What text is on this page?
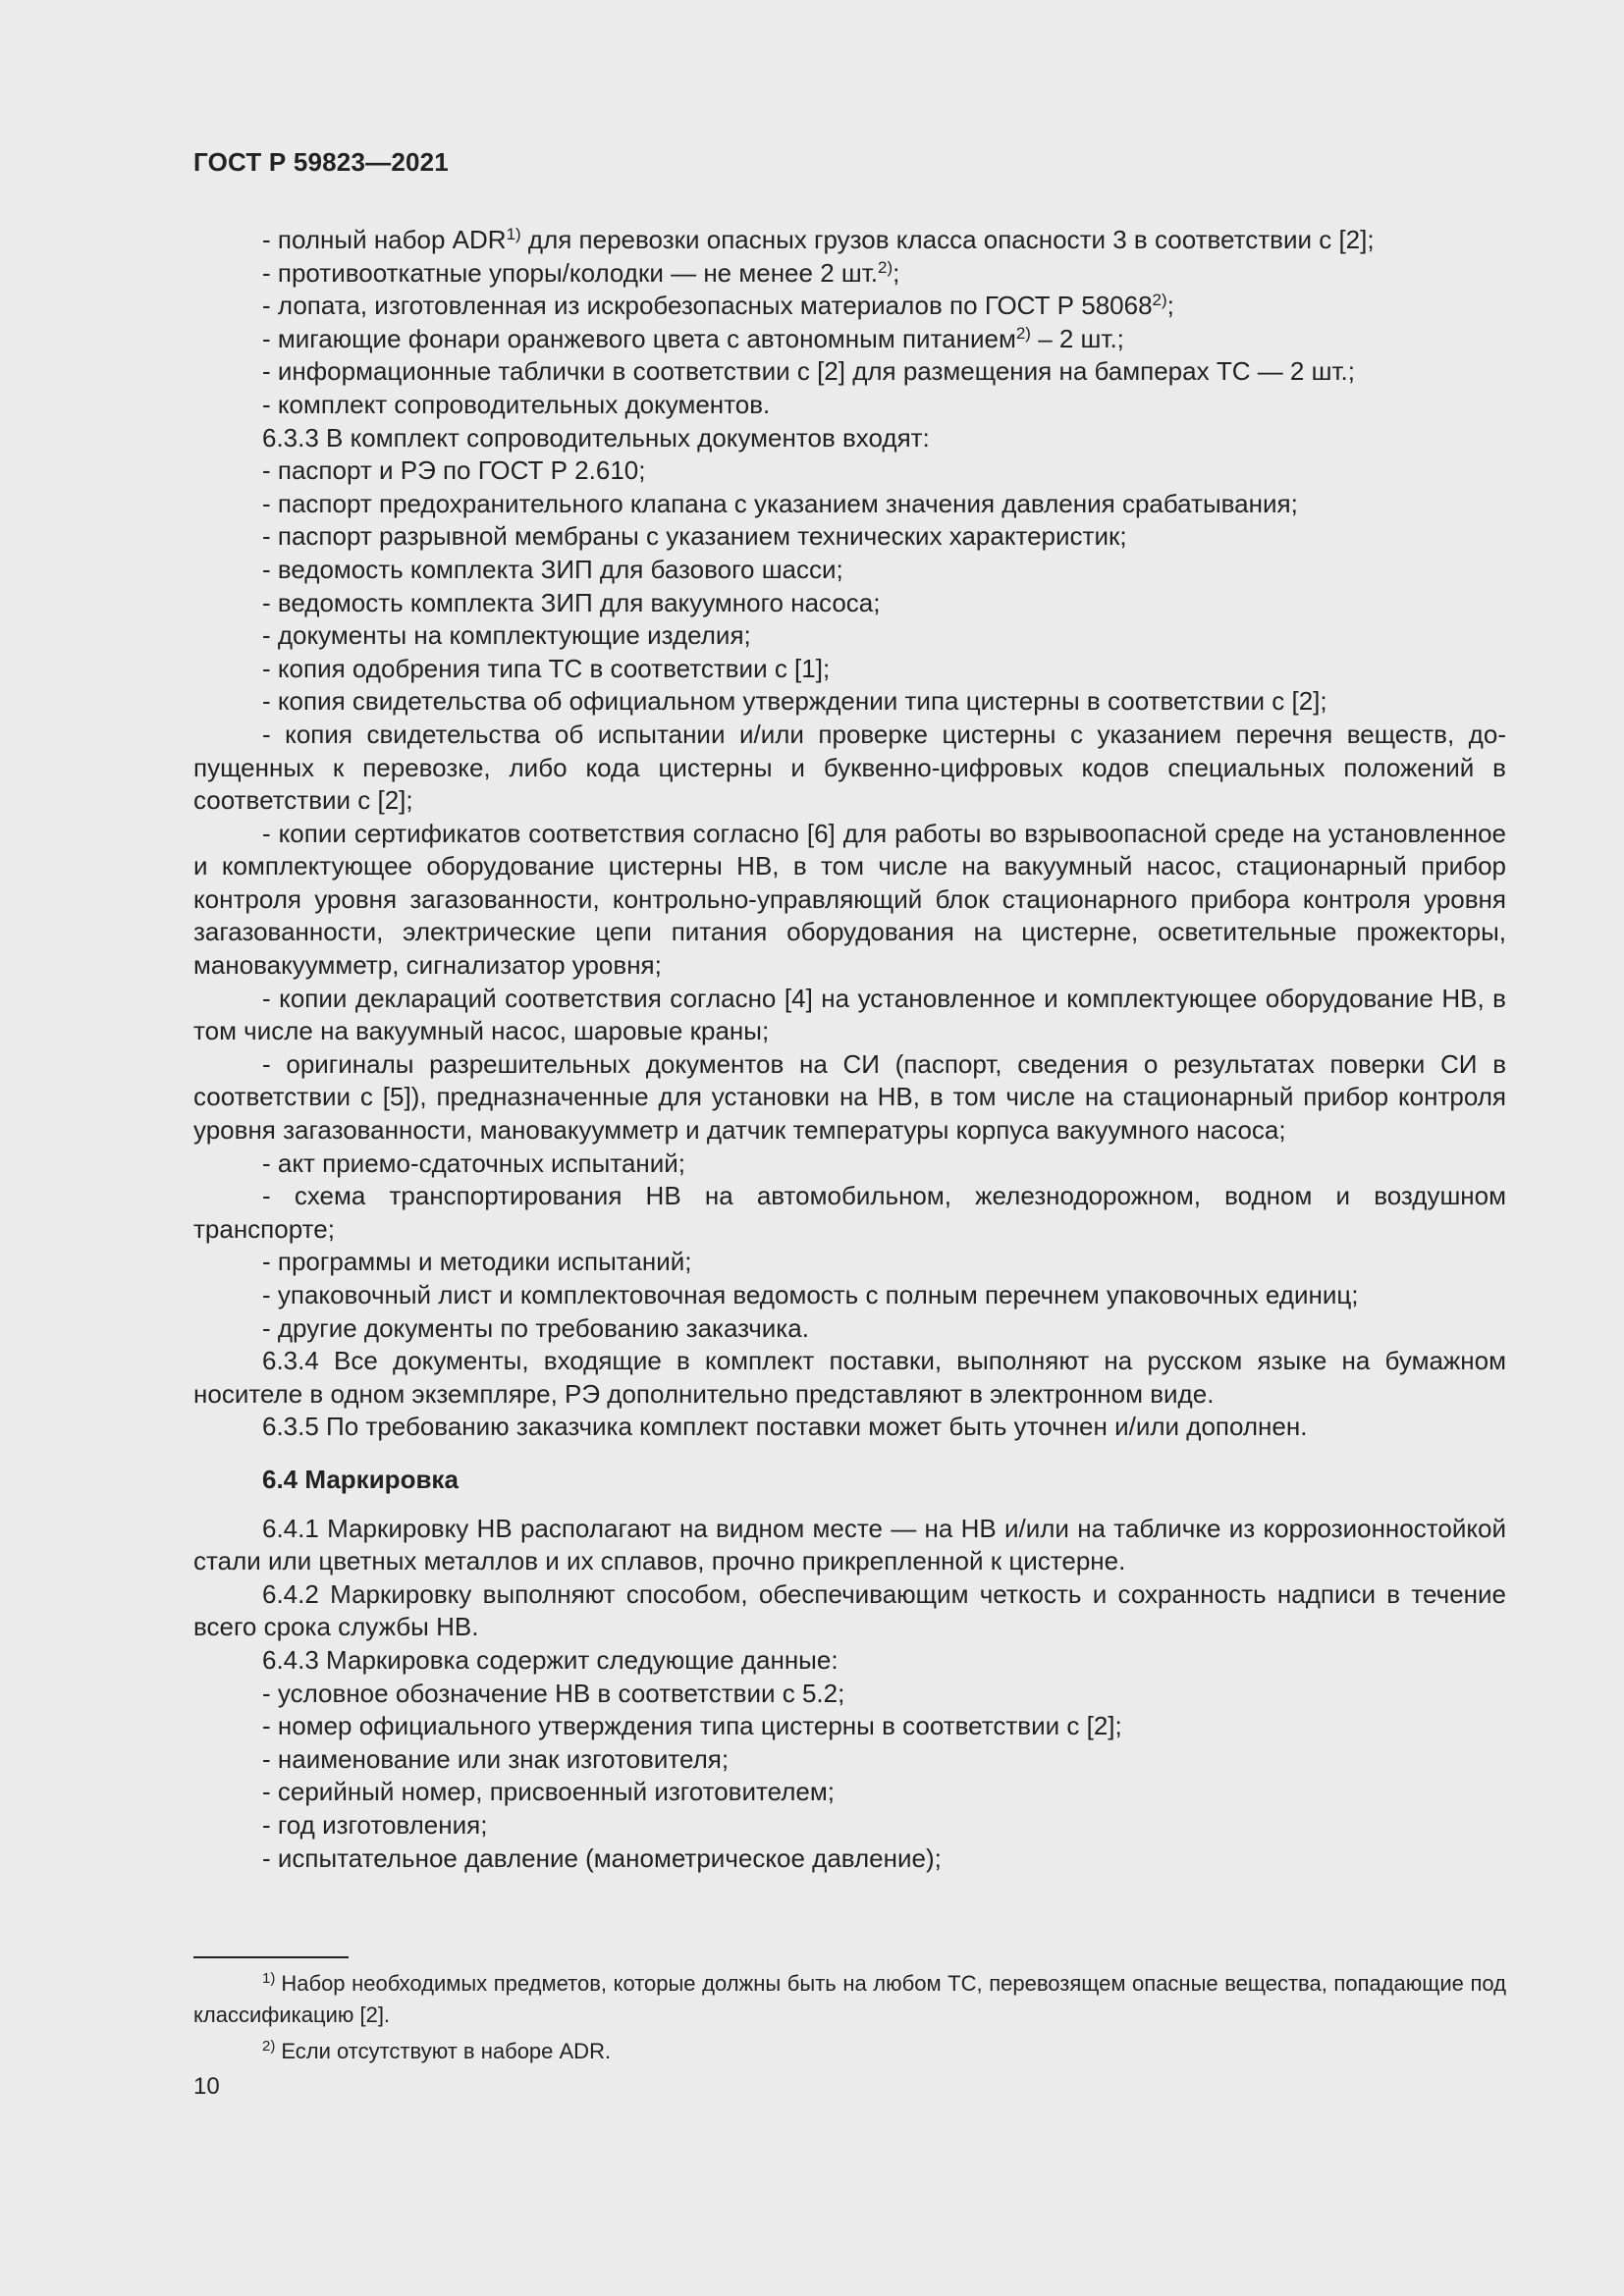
ГОСТ Р 59823—2021

- полный набор ADR$^{1)}$ для перевозки опасных грузов класса опасности 3 в соответствии с [2];

- противооткатные упоры/колодки — не менее 2 шт.$^{2)}$;

- лопата, изготовленная из искробезопасных материалов по ГОСТ Р 58068$^{2)}$;

- мигающие фонари оранжевого цвета с автономным питанием$^{2)}$ – 2 шт.;

- информационные таблички в соответствии с [2] для размещения на бамперах ТС — 2 шт.;

- комплект сопроводительных документов.

6.3.3 В комплект сопроводительных документов входят:

- паспорт и РЭ по ГОСТ Р 2.610;

- паспорт предохранительного клапана с указанием значения давления срабатывания;

- паспорт разрывной мембраны с указанием технических характеристик;

- ведомость комплекта ЗИП для базового шасси;

- ведомость комплекта ЗИП для вакуумного насоса;

- документы на комплектующие изделия;

- копия одобрения типа ТС в соответствии с [1];

- копия свидетельства об официальном утверждении типа цистерны в соответствии с [2];

- копия свидетельства об испытании и/или проверке цистерны с указанием перечня веществ, допущенных к перевозке, либо кода цистерны и буквенно-цифровых кодов специальных положений в соответствии с [2];

- копии сертификатов соответствия согласно [6] для работы во взрывоопасной среде на установленное и комплектующее оборудование цистерны НВ, в том числе на вакуумный насос, стационарный прибор контроля уровня загазованности, контрольно-управляющий блок стационарного прибора контроля уровня загазованности, электрические цепи питания оборудования на цистерне, осветительные прожекторы, мановакуумметр, сигнализатор уровня;

- копии деклараций соответствия согласно [4] на установленное и комплектующее оборудование НВ, в том числе на вакуумный насос, шаровые краны;

- оригиналы разрешительных документов на СИ (паспорт, сведения о результатах поверки СИ в соответствии с [5]), предназначенные для установки на НВ, в том числе на стационарный прибор контроля уровня загазованности, мановакуумметр и датчик температуры корпуса вакуумного насоса;

- акт приемо-сдаточных испытаний;

- схема транспортирования НВ на автомобильном, железнодорожном, водном и воздушном транспорте;

- программы и методики испытаний;

- упаковочный лист и комплектовочная ведомость с полным перечнем упаковочных единиц;

- другие документы по требованию заказчика.

6.3.4 Все документы, входящие в комплект поставки, выполняют на русском языке на бумажном носителе в одном экземпляре, РЭ дополнительно представляют в электронном виде.

6.3.5 По требованию заказчика комплект поставки может быть уточнен и/или дополнен.

6.4 Маркировка

6.4.1 Маркировку НВ располагают на видном месте — на НВ и/или на табличке из коррозионностойкой стали или цветных металлов и их сплавов, прочно прикрепленной к цистерне.

6.4.2 Маркировку выполняют способом, обеспечивающим четкость и сохранность надписи в течение всего срока службы НВ.

6.4.3 Маркировка содержит следующие данные:

- условное обозначение НВ в соответствии с 5.2;

- номер официального утверждения типа цистерны в соответствии с [2];

- наименование или знак изготовителя;

- серийный номер, присвоенный изготовителем;

- год изготовления;

- испытательное давление (манометрическое давление);

$^{1)}$ Набор необходимых предметов, которые должны быть на любом ТС, перевозящем опасные вещества, попадающие под классификацию [2].

$^{2)}$ Если отсутствуют в наборе ADR.

10
